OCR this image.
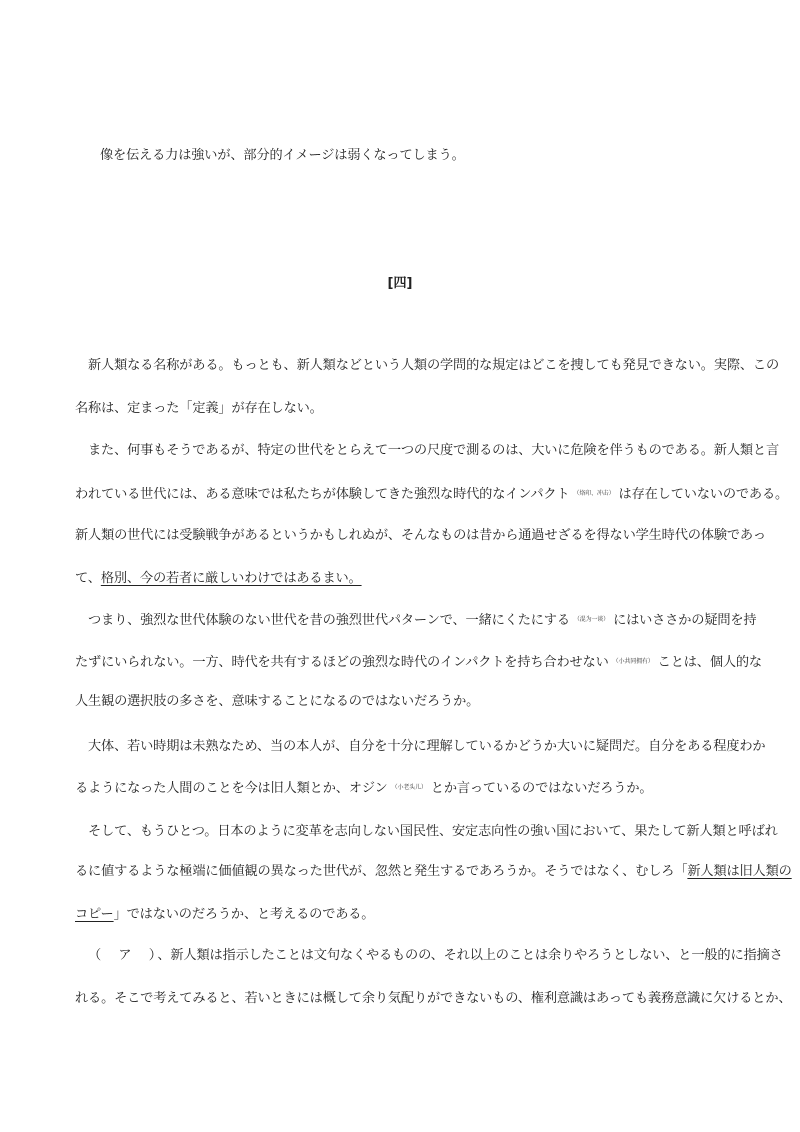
像を伝える力は強いが、部分的イメージは弱くなってしまう。
[四]
新人類なる名称がある。もっとも、新人類などという人類の学問的な規定はどこを捜しても発見できない。実際、この
名称は、定まった「定義」が存在しない。
また、何事もそうであるが、特定の世代をとらえて一つの尺度で測るのは、大いに危険を伴うものである。新人類と言
われている世代には、ある意味では私たちが体験してきた強烈な時代的なインパクト （烙印、冲击） は存在していないのである。
新人類の世代には受験戦争があるというかもしれぬが、そんなものは昔から通過せざるを得ない学生時代の体験であっ
て、格別、今の若者に厳しいわけではあるまい。
つまり、強烈な世代体験のない世代を昔の強烈世代パターンで、一緒にくたにする （混为一谈） にはいささかの疑問を持
たずにいられない。一方、時代を共有するほどの強烈な時代のインパクトを持ち合わせない （小共同拥有） ことは、個人的な
人生観の選択肢の多さを、意味することになるのではないだろうか。
大体、若い時期は未熟なため、当の本人が、自分を十分に理解しているかどうか大いに疑問だ。自分をある程度わか
るようになった人間のことを今は旧人類とか、オジン （小老头儿） とか言っているのではないだろうか。
そして、もうひとつ。日本のように変革を志向しない国民性、安定志向性の強い国において、果たして新人類と呼ばれ
るに値するような極端に価値観の異なった世代が、忽然と発生するであろうか。そうではなく、むしろ「新人類は旧人類の
コピー」ではないのだろうか、と考えるのである。
（　ア　）、新人類は指示したことは文句なくやるものの、それ以上のことは余りやろうとしない、と一般的に指摘さ
れる。そこで考えてみると、若いときには概して余り気配りができないもの、権利意識はあっても義務意識に欠けるとか、
